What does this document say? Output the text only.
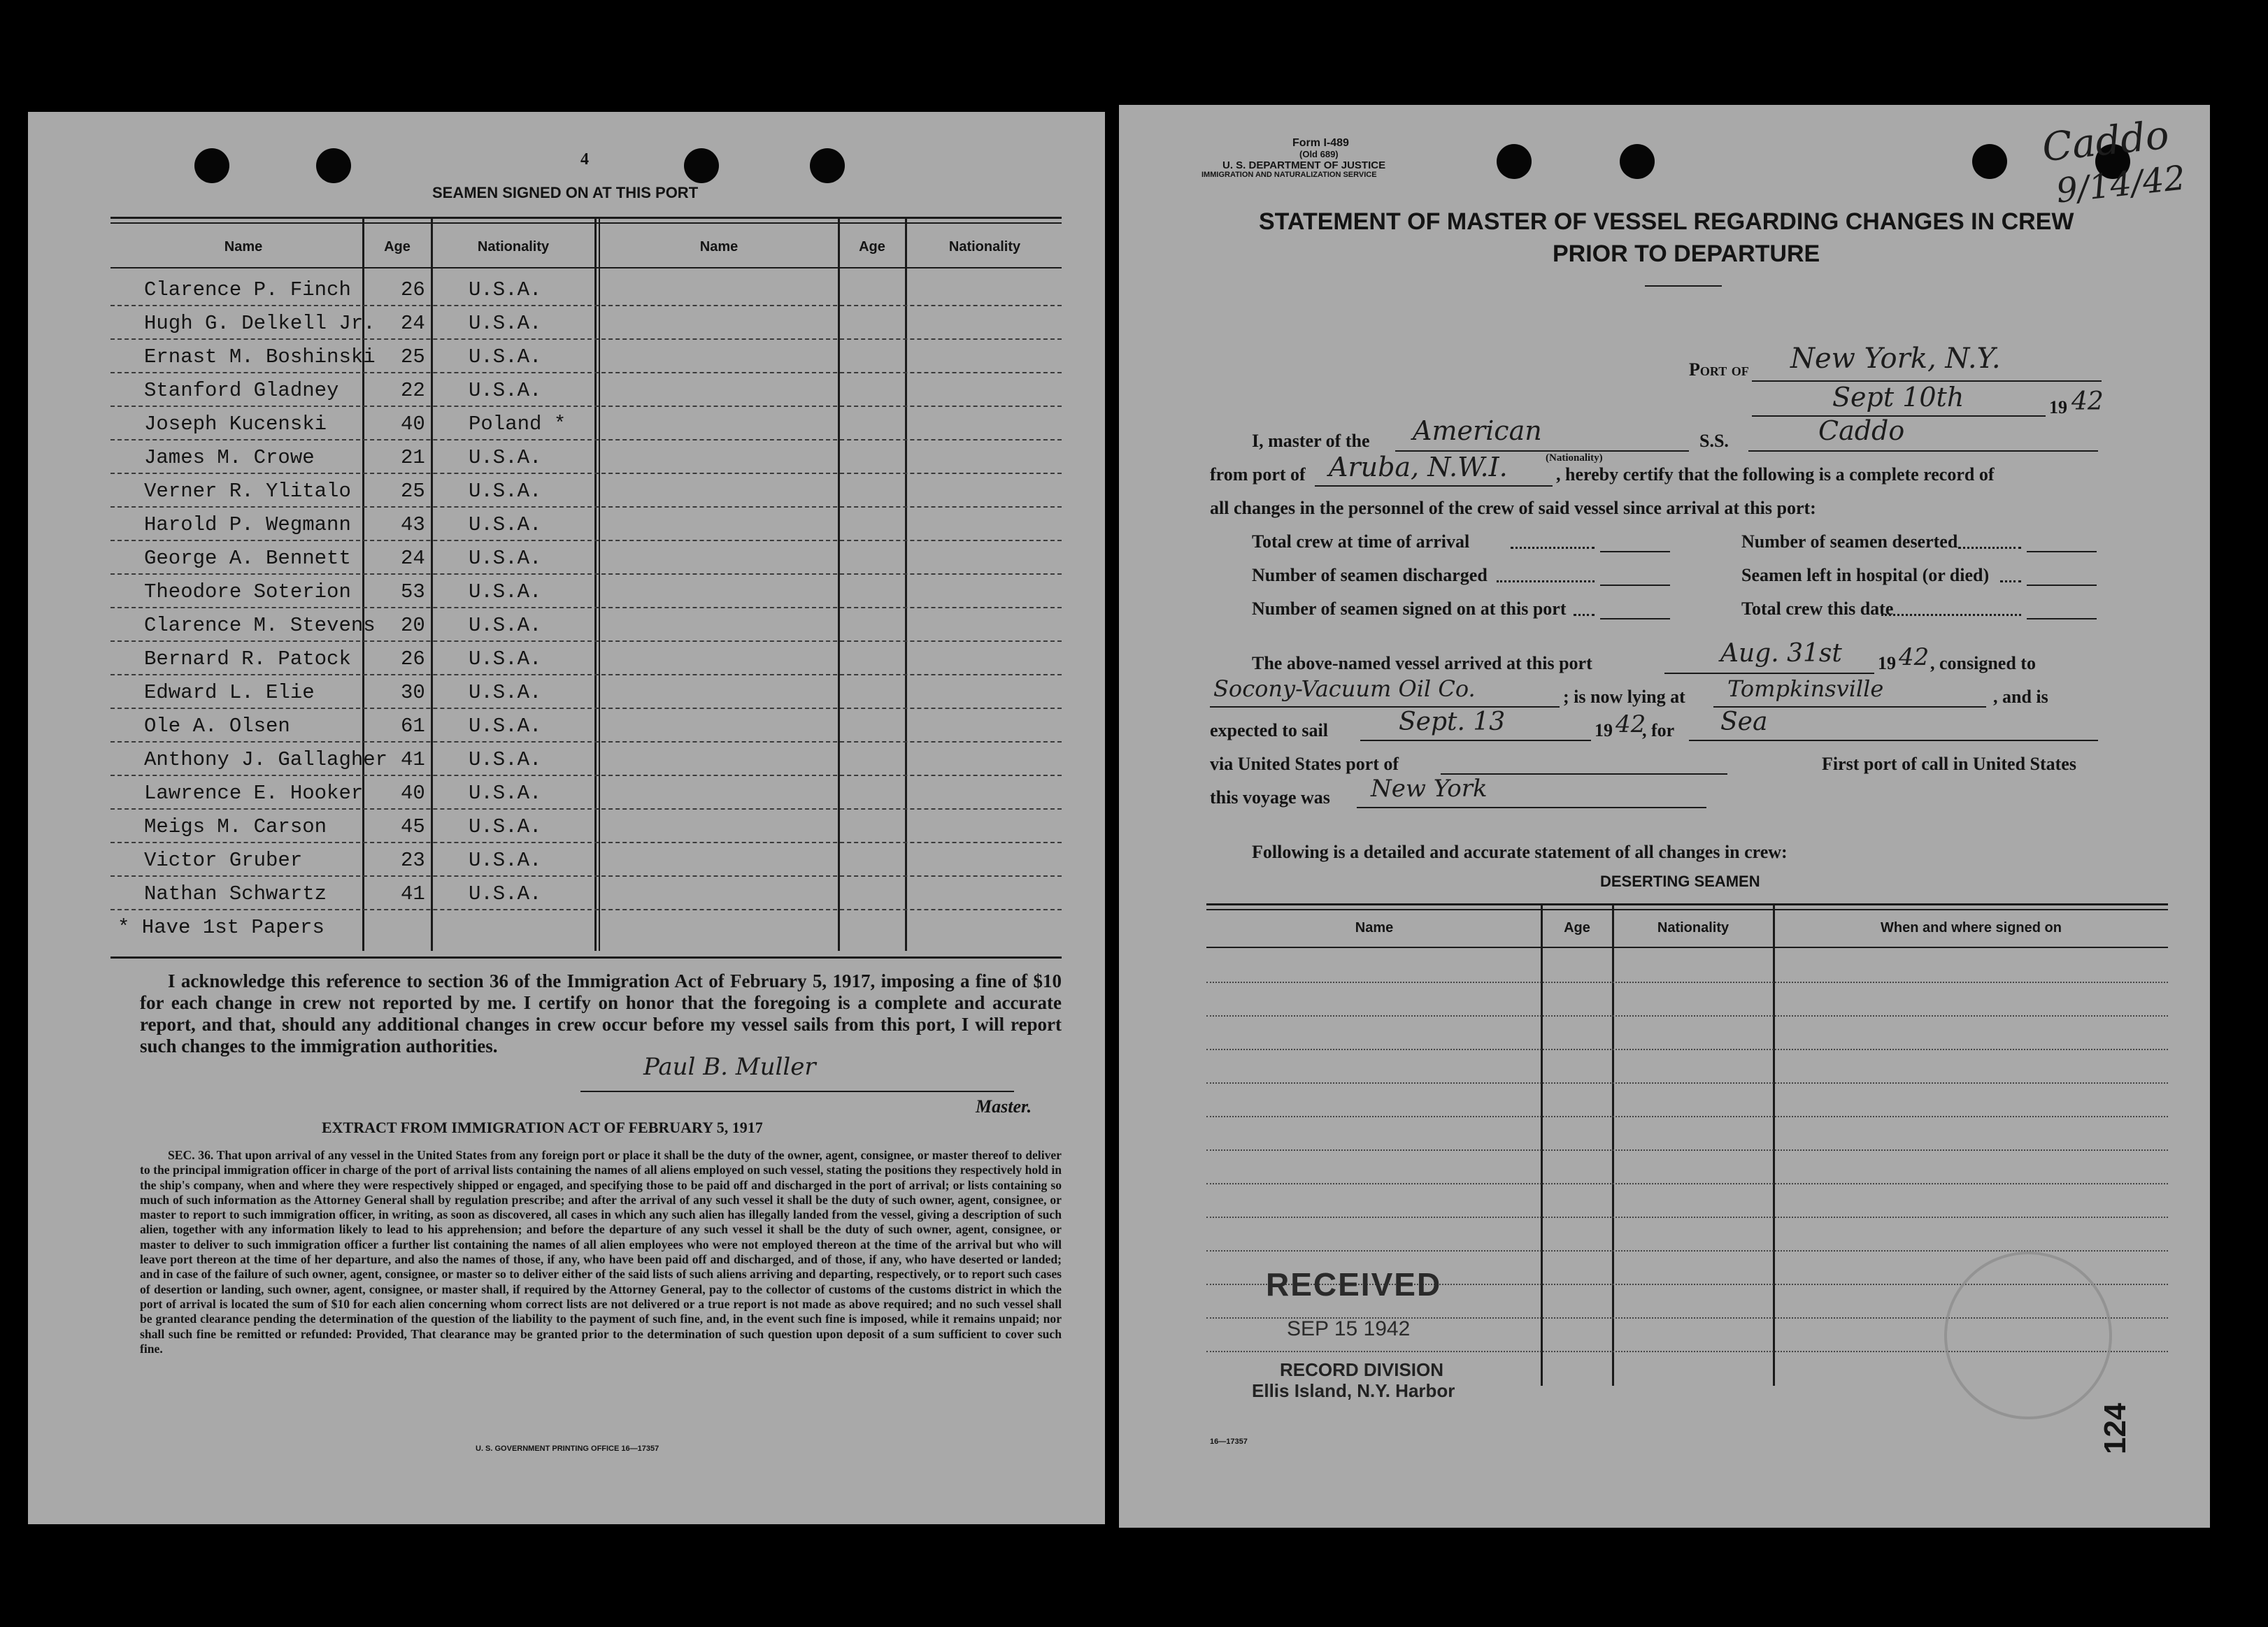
4
SEAMEN SIGNED ON AT THIS PORT
Name	Age	Nationality	Name	Age	Nationality
Clarence P. Finch 26 U.S.A.
Hugh G. Delkell Jr. 24 U.S.A.
Ernast M. Boshinski 25 U.S.A.
Stanford Gladney	22 U.S.A.
Joseph Kucenski	40 Poland *
James M. Crowe	21 U.S.A.
Verner R. Ylitalo 25 U.S.A.
Harold P. Wegmann 43 U.S.A.
George A. Bennett 24 U.S.A.
Theodore Soterion 53 U.S.A.
Clarence M. Stevens 20 U.S.A.
Bernard R. Patock 26 U.S.A.
Edward L. Elie	30 U.S.A.
Ole A. Olsen	61 U.S.A.
Anthony J. Gallagher 41 U.S.A.
Lawrence E. Hooker 40 U.S.A.
Meigs M. Carson	45 U.S.A.
Victor Gruber	23 U.S.A.
Nathan Schwartz	41 U.S.A.
* Have 1st Papers
I acknowledge this reference to section 36 of the Immigration Act of February 5, 1917, imposing a fine of $10 for each change in crew not reported by me. I certify on honor that the foregoing is a complete and accurate report, and that, should any additional changes in crew occur before my vessel sails from this port, I will report such changes to the immigration authorities.
Paul B. Muller
Master.
EXTRACT FROM IMMIGRATION ACT OF FEBRUARY 5, 1917
SEC. 36. That upon arrival of any vessel in the United States from any foreign port or place it shall be the duty of the owner, agent, consignee, or master thereof to deliver to the principal immigration officer in charge of the port of arrival lists containing the names of all aliens employed on such vessel, stating the positions they respectively hold in the ship's company, when and where they were respectively shipped or engaged, and specifying those to be paid off and discharged in the port of arrival; or lists containing so much of such information as the Attorney General shall by regulation prescribe; and after the arrival of any such vessel it shall be the duty of such owner, agent, consignee, or master to report to such immigration officer, in writing, as soon as discovered, all cases in which any such alien has illegally landed from the vessel, giving a description of such alien, together with any information likely to lead to his apprehension; and before the departure of any such vessel it shall be the duty of such owner, agent, consignee, or master to deliver to such immigration officer a further list containing the names of all alien employees who were not employed thereon at the time of the arrival but who will leave port thereon at the time of her departure, and also the names of those, if any, who have been paid off and discharged, and of those, if any, who have deserted or landed; and in case of the failure of such owner, agent, consignee, or master so to deliver either of the said lists of such aliens arriving and departing, respectively, or to report such cases of desertion or landing, such owner, agent, consignee, or master shall, if required by the Attorney General, pay to the collector of customs of the customs district in which the port of arrival is located the sum of $10 for each alien concerning whom correct lists are not delivered or a true report is not made as above required; and no such vessel shall be granted clearance pending the determination of the question of the liability to the payment of such fine, and, in the event such fine is imposed, while it remains unpaid; nor shall such fine be remitted or refunded: Provided, That clearance may be granted prior to the determination of such question upon deposit of a sum sufficient to cover such fine.
U. S. GOVERNMENT PRINTING OFFICE 16—17357
Form I-489
(Old 689)
U. S. DEPARTMENT OF JUSTICE
IMMIGRATION AND NATURALIZATION SERVICE
Caddo
9/14/42
STATEMENT OF MASTER OF VESSEL REGARDING CHANGES IN CREW
PRIOR TO DEPARTURE
Port of New York, N.Y.
Sept 10th	19 42
I, master of the American
(Nationality)
S.S.	Caddo
from port of Aruba, N.W.I.	, hereby certify that the following is a complete record of
all changes in the personnel of the crew of said vessel since arrival at this port:
Total crew at time of arrival	Number of seamen deserted
Number of seamen discharged	Seamen left in hospital (or died)
Number of seamen signed on at this port	Total crew this date
The above-named vessel arrived at this port	Aug. 31st 19 42 , consigned to
Socony-Vacuum Oil Co.	; is now lying at Tompkinsville	, and is
expected to sail	Sept. 13	19 42
, for Sea
via United States port of	First port of call in United States
this voyage was New York
Following is a detailed and accurate statement of all changes in crew:
DESERTING SEAMEN
Name	Age	Nationality	When and where signed on
RECEIVED
SEP 15 1942
RECORD DIVISION
Ellis Island, N.Y. Harbor
16—17357	124
